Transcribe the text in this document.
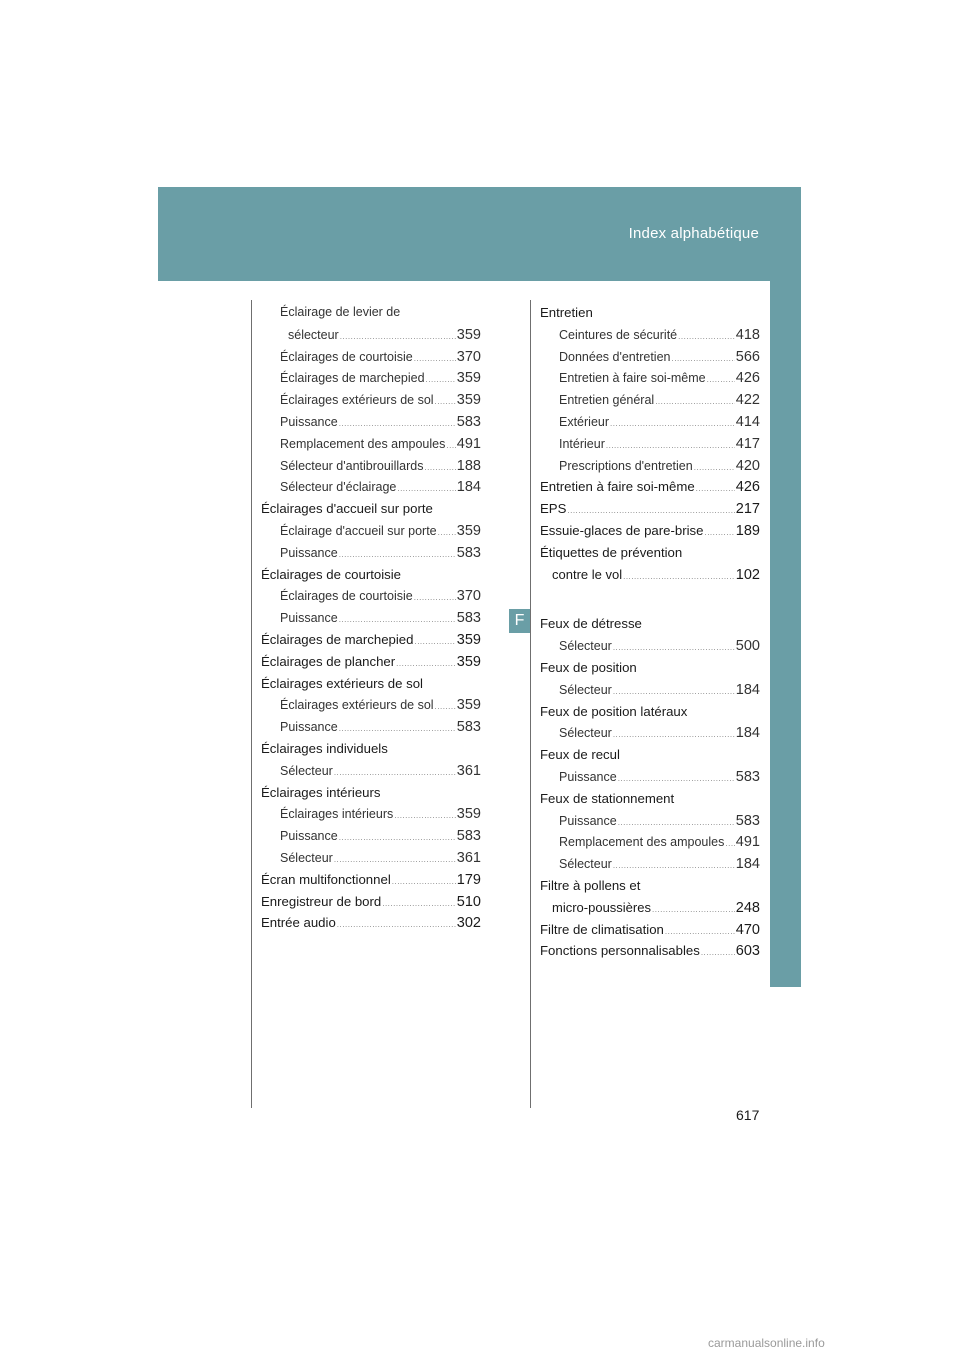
Index alphabétique
F
Éclairage de levier de
sélecteur .....	359
Éclairages de courtoisie .....	370
Éclairages de marchepied ..... 359
Éclairages extérieurs de sol ..... 359
Puissance .....	583
Remplacement des ampoules ..... 491
Sélecteur d'antibrouillards ..... 188
Sélecteur d'éclairage .....	184
Éclairages d'accueil sur porte
Éclairage d'accueil sur porte ..... 359
Puissance .....	583
Éclairages de courtoisie
Éclairages de courtoisie .....	370
Puissance .....	583
Éclairages de marchepied .....	359
Éclairages de plancher .....	359
Éclairages extérieurs de sol
Éclairages extérieurs de sol ..... 359
Puissance .....	583
Éclairages individuels
Sélecteur .....	361
Éclairages intérieurs
Éclairages intérieurs .....	359
Puissance .....	583
Sélecteur .....	361
Écran multifonctionnel .....	179
Enregistreur de bord .....	510
Entrée audio .....	302
Entretien
Ceintures de sécurité .....	418
Données d'entretien .....	566
Entretien à faire soi-même ..... 426
Entretien général .....	422
Extérieur .....	414
Intérieur .....	417
Prescriptions d'entretien .....	420
Entretien à faire soi-même .....	426
EPS .....	217
Essuie-glaces de pare-brise ..... 189
Étiquettes de prévention
contre le vol .....	102
Feux de détresse
Sélecteur .....	500
Feux de position
Sélecteur .....	184
Feux de position latéraux
Sélecteur .....	184
Feux de recul
Puissance .....	583
Feux de stationnement
Puissance .....	583
Remplacement des ampoules ..... 491
Sélecteur .....	184
Filtre à pollens et
micro-poussières .....	248
Filtre de climatisation .....	470
Fonctions personnalisables ..... 603
617
carmanualsonline.info
